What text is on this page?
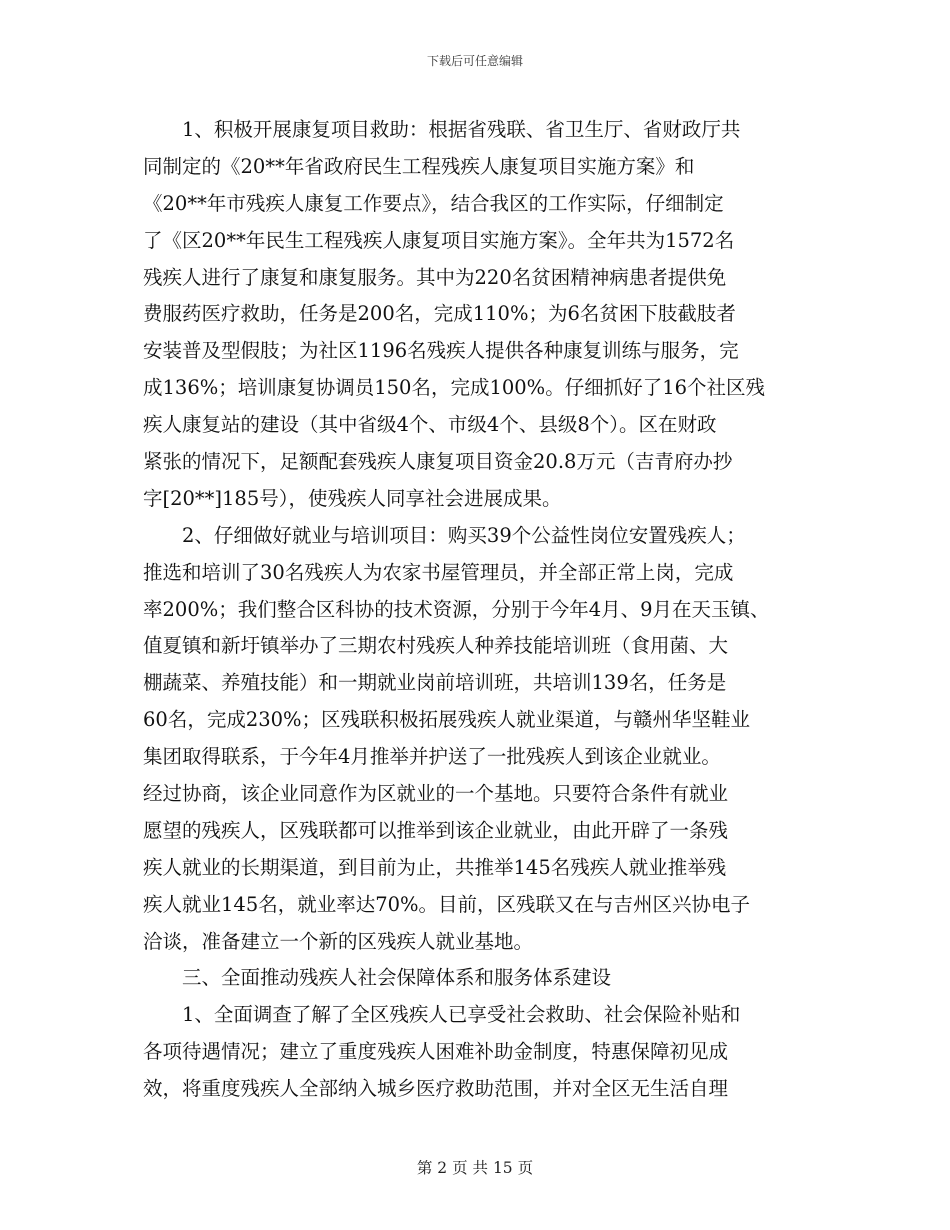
下载后可任意编辑
1、积极开展康复项目救助：根据省残联、省卫生厅、省财政厅共
同制定的《20**年省政府民生工程残疾人康复项目实施方案》和
《20**年市残疾人康复工作要点》，结合我区的工作实际，仔细制定
了《区20**年民生工程残疾人康复项目实施方案》。全年共为1572名
残疾人进行了康复和康复服务。其中为220名贫困精神病患者提供免
费服药医疗救助，任务是200名，完成110%；为6名贫困下肢截肢者
安装普及型假肢；为社区1196名残疾人提供各种康复训练与服务，完
成136%；培训康复协调员150名，完成100%。仔细抓好了16个社区残
疾人康复站的建设（其中省级4个、市级4个、县级8个）。区在财政
紧张的情况下，足额配套残疾人康复项目资金20.8万元（吉青府办抄
字[20**]185号），使残疾人同享社会进展成果。
2、仔细做好就业与培训项目：购买39个公益性岗位安置残疾人；
推选和培训了30名残疾人为农家书屋管理员，并全部正常上岗，完成
率200%；我们整合区科协的技术资源，分别于今年4月、9月在天玉镇、
值夏镇和新圩镇举办了三期农村残疾人种养技能培训班（食用菌、大
棚蔬菜、养殖技能）和一期就业岗前培训班，共培训139名，任务是
60名，完成230%；区残联积极拓展残疾人就业渠道，与赣州华坚鞋业
集团取得联系，于今年4月推举并护送了一批残疾人到该企业就业。
经过协商，该企业同意作为区就业的一个基地。只要符合条件有就业
愿望的残疾人，区残联都可以推举到该企业就业，由此开辟了一条残
疾人就业的长期渠道，到目前为止，共推举145名残疾人就业推举残
疾人就业145名，就业率达70%。目前，区残联又在与吉州区兴协电子
洽谈，准备建立一个新的区残疾人就业基地。
三、全面推动残疾人社会保障体系和服务体系建设
1、全面调查了解了全区残疾人已享受社会救助、社会保险补贴和
各项待遇情况；建立了重度残疾人困难补助金制度，特惠保障初见成
效，将重度残疾人全部纳入城乡医疗救助范围，并对全区无生活自理
第 2 页 共 15 页
